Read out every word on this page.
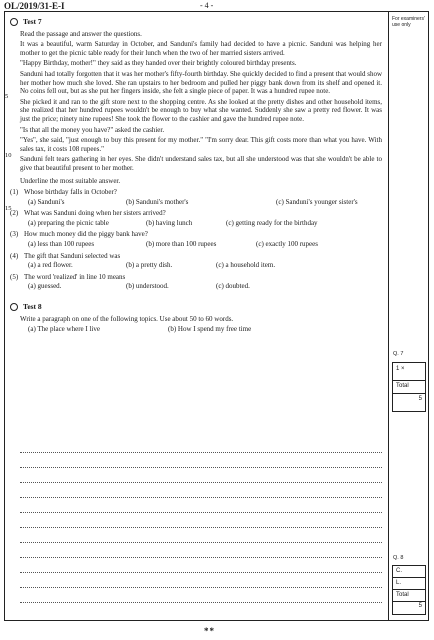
OL/2019/31-E-I	- 4 -
For examiners' use only
Test 7
Read the passage and answer the questions.
5
10
15

It was a beautiful, warm Saturday in October, and Sanduni's family had decided to have a picnic. Sanduni was helping her mother to get the picnic table ready for their lunch when the two of her married sisters arrived.

"Happy Birthday, mother!" they said as they handed over their brightly coloured birthday presents.

Sanduni had totally forgotten that it was her mother's fifty-fourth birthday. She quickly decided to find a present that would show her mother how much she loved. She ran upstairs to her bedroom and pulled her piggy bank down from its shelf and opened it. No coins fell out, but as she put her fingers inside, she felt a single piece of paper. It was a hundred rupee note.

She picked it and ran to the gift store next to the shopping centre. As she looked at the pretty dishes and other household items, she realized that her hundred rupees wouldn't be enough to buy what she wanted. Suddenly she saw a pretty red flower. It was just the price; ninety nine rupees! She took the flower to the cashier and gave the hundred rupee note.

"Is that all the money you have?" asked the cashier.

"Yes", she said, "just enough to buy this present for my mother." "I'm sorry dear. This gift costs more than what you have. With sales tax, it costs 108 rupees."

Sanduni felt tears gathering in her eyes. She didn't understand sales tax, but all she understood was that she wouldn't be able to give that beautiful present to her mother.

Underline the most suitable answer.
(1) Whose birthday falls in October?
(a) Sanduni's	(b) Sanduni's mother's	(c) Sanduni's younger sister's
(2) What was Sanduni doing when her sisters arrived?
(a) preparing the picnic table	(b) having lunch	(c) getting ready for the birthday
(3) How much money did the piggy bank have?
(a) less than 100 rupees	(b) more than 100 rupees	(c) exactly 100 rupees
(4) The gift that Sanduni selected was
(a) a red flower.	(b) a pretty dish.	(c) a household item.
(5) The word 'realized' in line 10 means
(a) guessed.	(b) understood.	(c) doubted.
Test 8
Write a paragraph on one of the following topics. Use about 50 to 60 words.
(a) The place where I live	(b) How I spend my free time
Q. 7
1 ×
Total
5
Q. 8
C.
L.
Total
5
**
